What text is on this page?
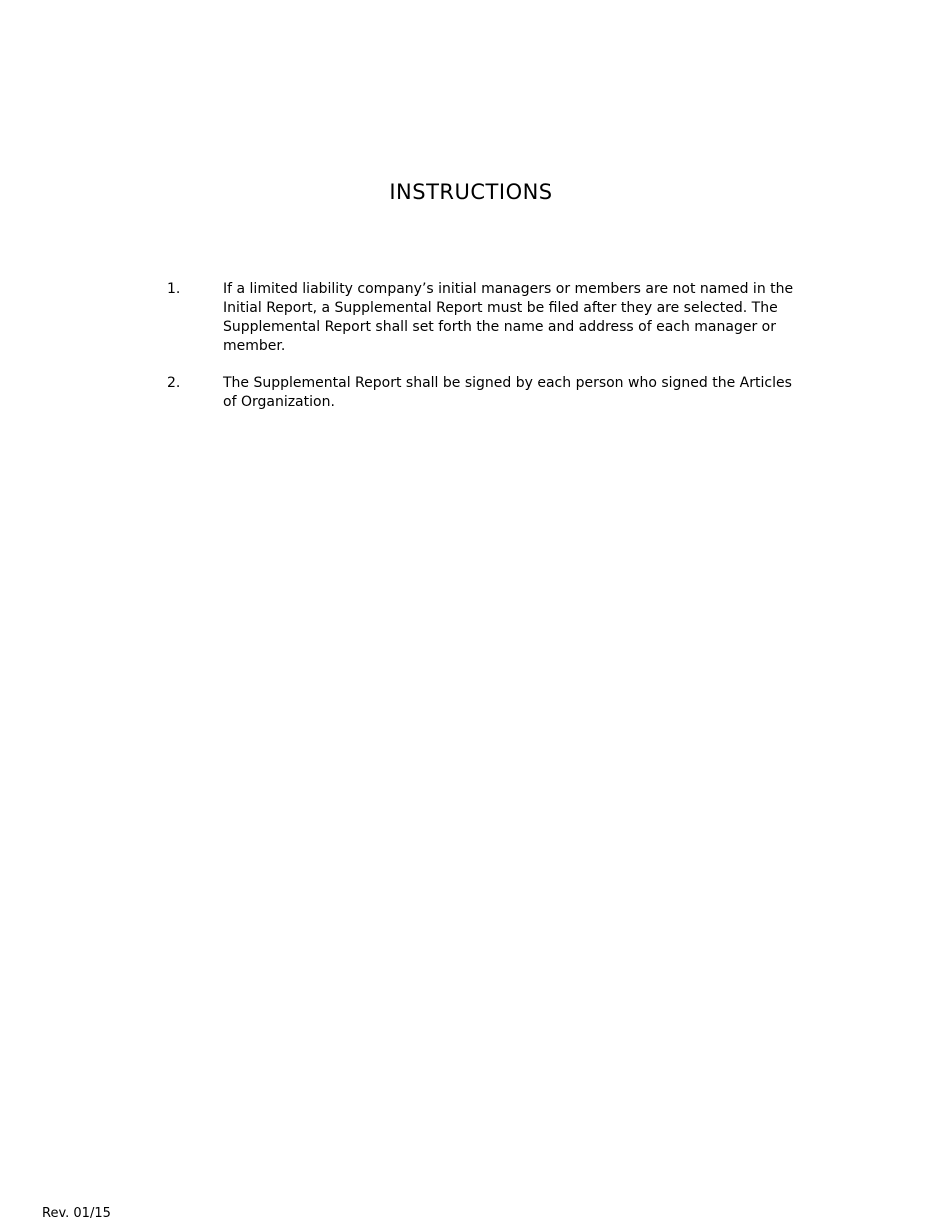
INSTRUCTIONS
1.	If a limited liability company’s initial managers or members are not named in the Initial Report, a Supplemental Report must be filed after they are selected. The Supplemental Report shall set forth the name and address of each manager or member.
2.	The Supplemental Report shall be signed by each person who signed the Articles of Organization.
Rev. 01/15
